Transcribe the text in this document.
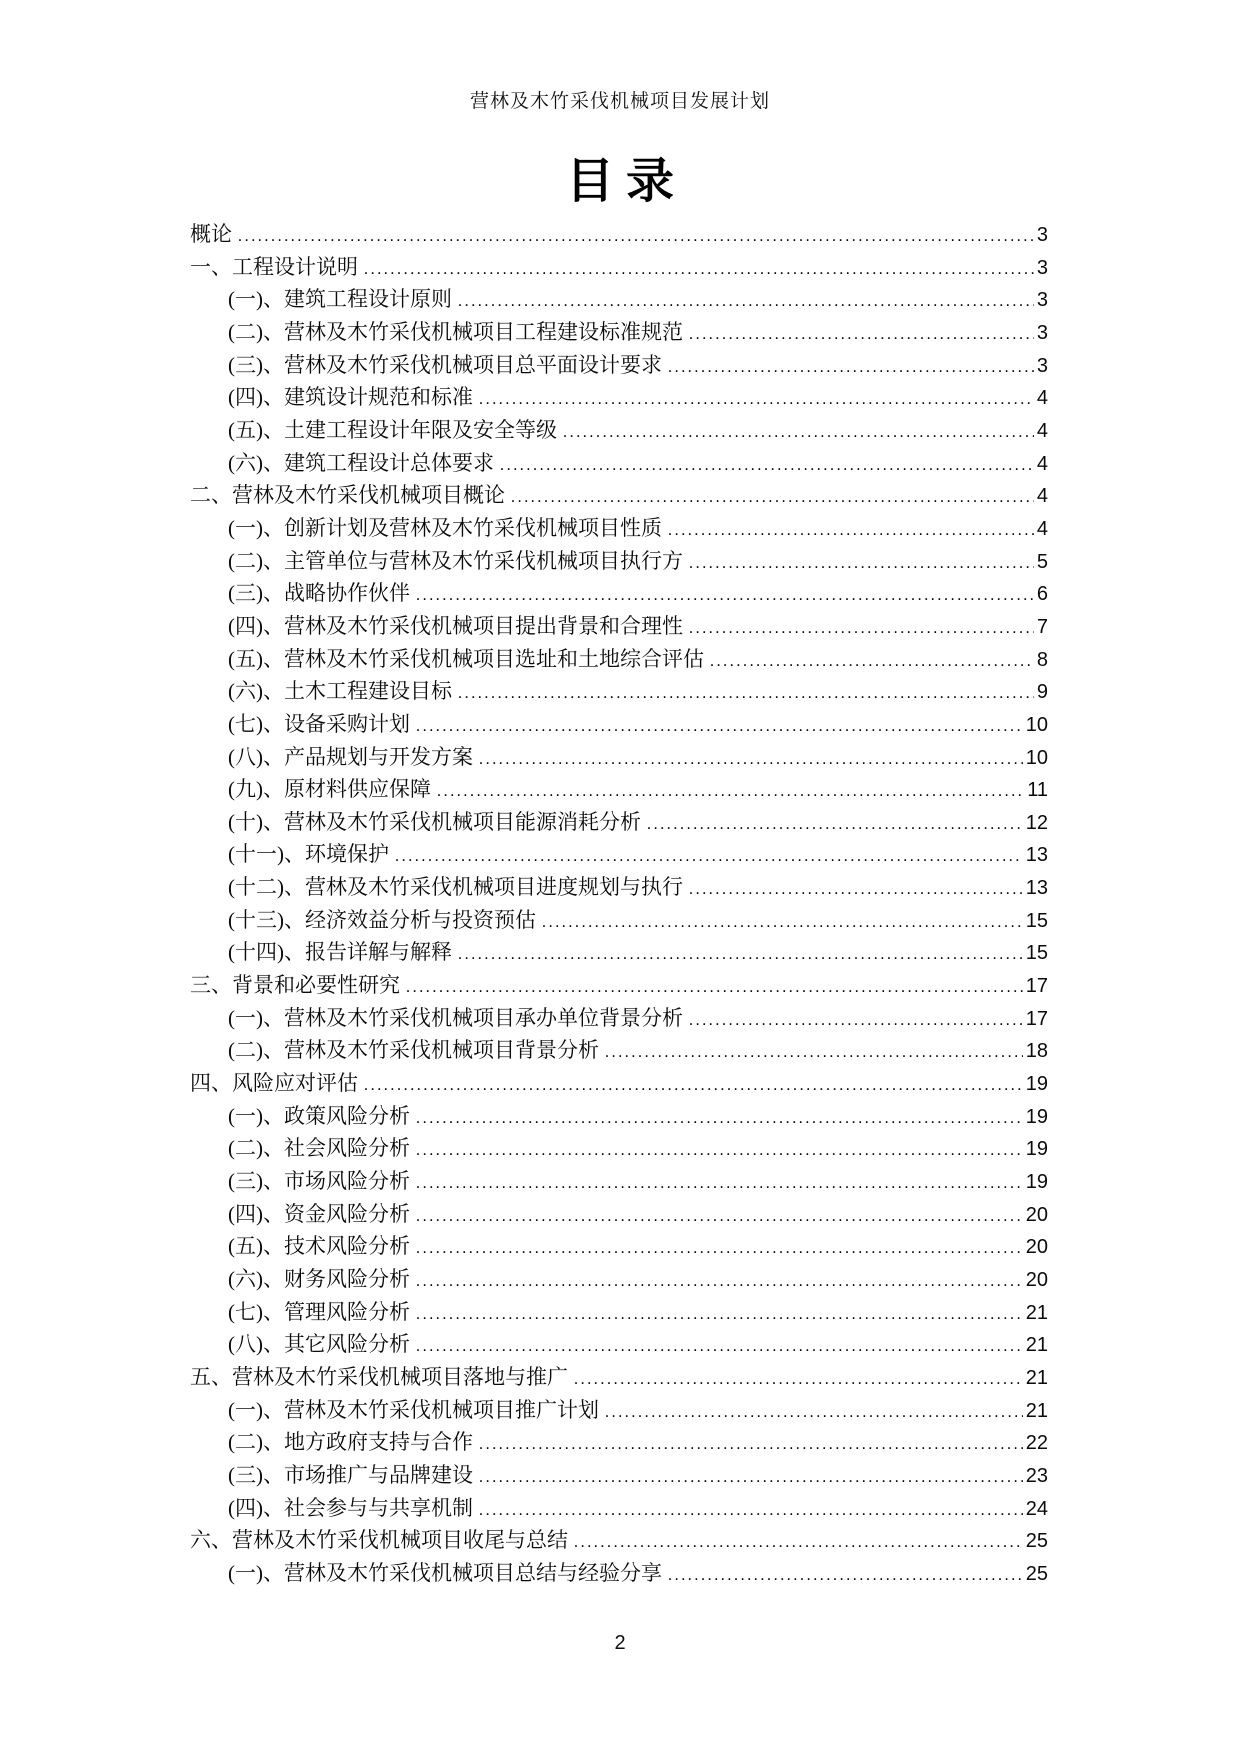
营林及木竹采伐机械项目发展计划
目录
概论 .....	3
一、工程设计说明 .....	3
(一)、建筑工程设计原则 .....	3
(二)、营林及木竹采伐机械项目工程建设标准规范 .....	3
(三)、营林及木竹采伐机械项目总平面设计要求 .....	3
(四)、建筑设计规范和标准 .....	4
(五)、土建工程设计年限及安全等级 .....	4
(六)、建筑工程设计总体要求 .....	4
二、营林及木竹采伐机械项目概论 .....	4
(一)、创新计划及营林及木竹采伐机械项目性质 .....	4
(二)、主管单位与营林及木竹采伐机械项目执行方 .....	5
(三)、战略协作伙伴 .....	6
(四)、营林及木竹采伐机械项目提出背景和合理性 .....	7
(五)、营林及木竹采伐机械项目选址和土地综合评估 .....	8
(六)、土木工程建设目标 .....	9
(七)、设备采购计划 .....	10
(八)、产品规划与开发方案 .....	10
(九)、原材料供应保障 .....	11
(十)、营林及木竹采伐机械项目能源消耗分析 .....	12
(十一)、环境保护 .....	13
(十二)、营林及木竹采伐机械项目进度规划与执行 .....	13
(十三)、经济效益分析与投资预估 .....	15
(十四)、报告详解与解释 .....	15
三、背景和必要性研究 .....	17
(一)、营林及木竹采伐机械项目承办单位背景分析 .....	17
(二)、营林及木竹采伐机械项目背景分析 .....	18
四、风险应对评估 .....	19
(一)、政策风险分析 .....	19
(二)、社会风险分析 .....	19
(三)、市场风险分析 .....	19
(四)、资金风险分析 .....	20
(五)、技术风险分析 .....	20
(六)、财务风险分析 .....	20
(七)、管理风险分析 .....	21
(八)、其它风险分析 .....	21
五、营林及木竹采伐机械项目落地与推广 .....	21
(一)、营林及木竹采伐机械项目推广计划 .....	21
(二)、地方政府支持与合作 .....	22
(三)、市场推广与品牌建设 .....	23
(四)、社会参与与共享机制 .....	24
六、营林及木竹采伐机械项目收尾与总结 .....	25
(一)、营林及木竹采伐机械项目总结与经验分享 .....	25
2
